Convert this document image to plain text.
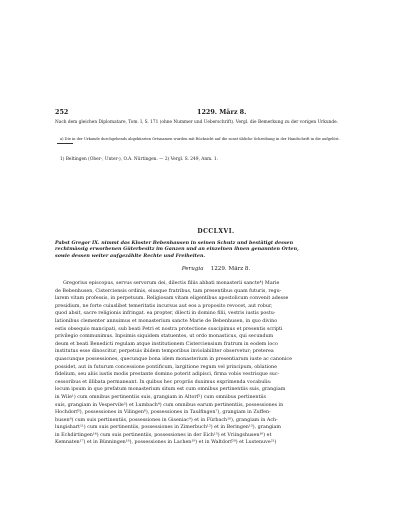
252	1229. März 8.
Nach dem gleichen Diplomatare, Tom. I, S. 171 (ohne Nummer und Ueberschrift). Vergl. die Bemerkung zu der vorigen Urkunde.
a) Die in der Urkunde durchgehends abgekürzten Ortsnamen wurden mit Rücksicht auf die sonst übliche Schreibung in der Handschrift in die aufgelöst.
1) Beltingen (Ober-, Unter-), O.A. Nürtingen. — 2) Vergl. S. 249, Anm. 1.
DCCLXVI.
Pabst Gregor IX. nimmt das Kloster Bebenhausen in seinen Schutz und bestätigt dessen
rechtmässig erworbenen Güterbesitz im Ganzen und an einzelnen ihnen genannten Orten,
sowie dessen weiter aufgezählte Rechte und Freiheiten.
Perugia 1229. März 8.
Gregorius episcopus, servus servorum dei, dilectis filiis abbati monasterii sancte⁴) Marie
de Bebenhusen, Cisterciensis ordinis, eiusque fratribus, tam presentibus quam futuris, regu-
larem vitam professis, in perpetuum. Religiosam vitam eligentibus apostolicum convenit adesse
presidium, ne forte cuiuslibet temeritatis incursus aut eos a proposito revocet, aut robur,
quod absit, sacre religionis infringat. ea propter, dilecti in domino filii, vestris iustis postu-
lationibus clementer annuimus et monasterium sancte Marie de Bebenhusen, in quo divino
estis obsequio mancipati, sub beati Petri et nostra protectione suscipimus et presentis scripti
privilegio communimus. Inpsimis siquidem statuentes, ut ordo monasticus, qui secundum
deum et beati Benedicti regulam atque institutionem Cisterciensium fratrum in eodem loco
institutus esse dinoscitur, perpetuis ibidem temporibus inviolabiliter observetur; preterea
quascunque possessiones, quecunque bona idem monasterium in presentiarum iuste ac canonice
possidet, aut in futurum concessione pontificum, largitione regum vel principum, oblatione
fidelium, seu aliis iustis modis prestante domino poterit adipisci, firma vobis vestrisque suc-
cessoribus et illibata permaneant. In quibus hec propriis duximus exprimenda vocabulis:
locum ipsum in quo prefatum monasterium situm est cum omnibus pertinentiis suis, grangiam
in Wile¹) cum omnibus pertinentiis suis, grangiam in Altorf²) cum omnibus pertinentiis
suis, grangiam in Vespervile³) et Lumbach⁴) cum omnibus earum pertinentiis, possessiones in
Hochdorf⁵), possessiones in Vilingen⁶), possessiones in Taulfingen⁷), grangiam in Zuffen-
husen⁸) cum suis pertinentiis, possessiones in Giseniac⁹) et in Fürbach¹⁰), grangiam in Ach-
lungishart¹¹) cum suis pertinentiis, possessiones in Zimerbuch¹²) et in Beringen¹³), grangiam
in Echdirtingen¹⁴) cum suis pertinentiis, possessiones in der Eich¹⁵) et Vriingshusen¹⁶) et
Kemnaten¹⁷) et in Bünningen¹⁸), possessiones in Lachen¹⁹) et in Waltdorf²⁰) et Lustenuve²¹)
